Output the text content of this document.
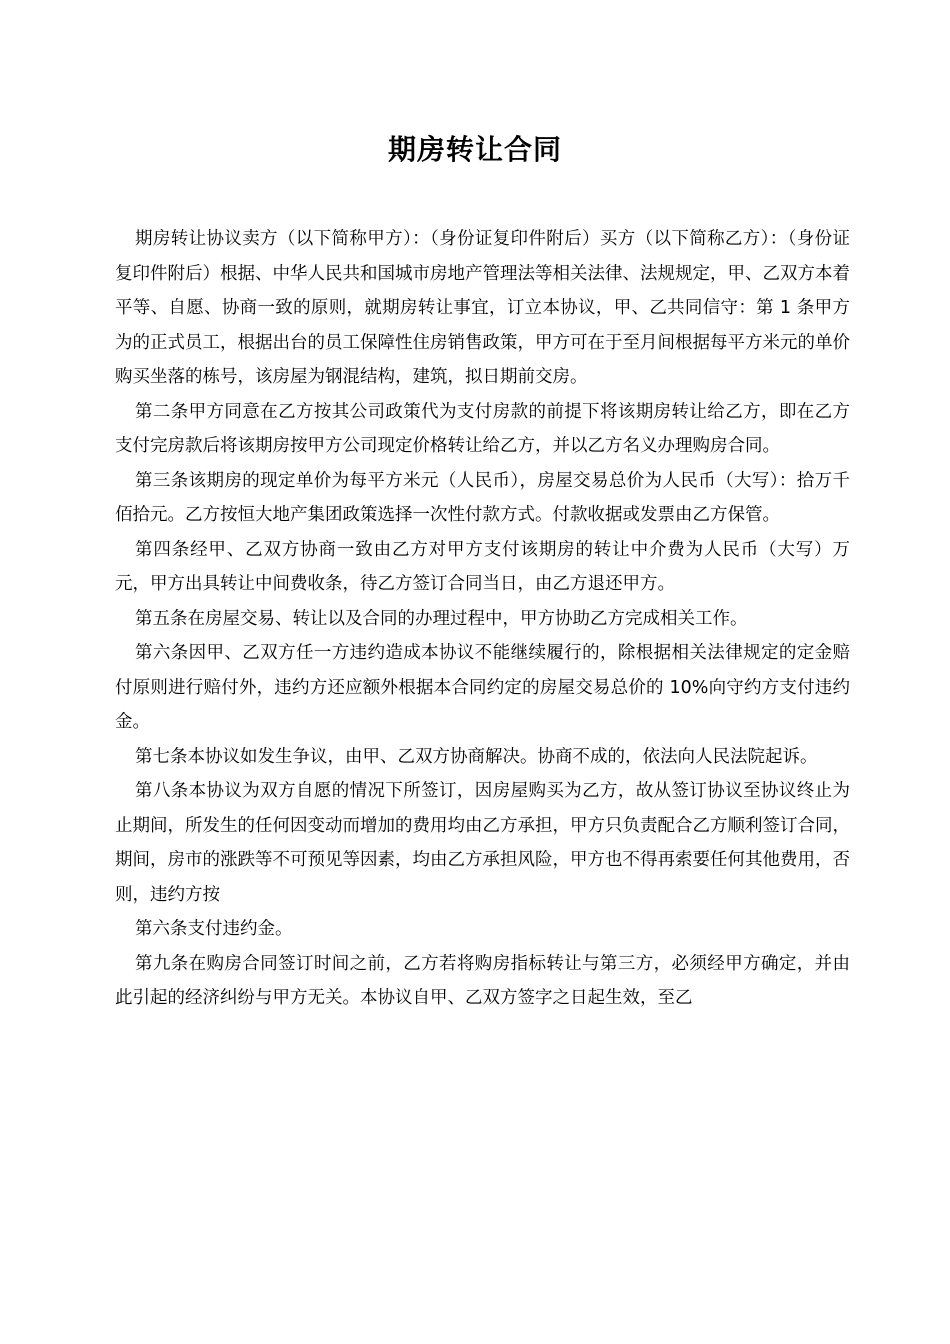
期房转让合同

期房转让协议卖方（以下简称甲方）：（身份证复印件附后）买方（以下简称乙方）：（身份证复印件附后）根据、中华人民共和国城市房地产管理法等相关法律、法规规定，甲、乙双方本着平等、自愿、协商一致的原则，就期房转让事宜，订立本协议，甲、乙共同信守：第 1 条甲方为的正式员工，根据出台的员工保障性住房销售政策，甲方可在于至月间根据每平方米元的单价购买坐落的栋号，该房屋为钢混结构，建筑，拟日期前交房。

第二条甲方同意在乙方按其公司政策代为支付房款的前提下将该期房转让给乙方，即在乙方支付完房款后将该期房按甲方公司现定价格转让给乙方，并以乙方名义办理购房合同。

第三条该期房的现定单价为每平方米元（人民币），房屋交易总价为人民币（大写）：拾万千佰拾元。乙方按恒大地产集团政策选择一次性付款方式。付款收据或发票由乙方保管。

第四条经甲、乙双方协商一致由乙方对甲方支付该期房的转让中介费为人民币（大写）万元，甲方出具转让中间费收条，待乙方签订合同当日，由乙方退还甲方。

第五条在房屋交易、转让以及合同的办理过程中，甲方协助乙方完成相关工作。

第六条因甲、乙双方任一方违约造成本协议不能继续履行的，除根据相关法律规定的定金赔付原则进行赔付外，违约方还应额外根据本合同约定的房屋交易总价的 10%向守约方支付违约金。

第七条本协议如发生争议，由甲、乙双方协商解决。协商不成的，依法向人民法院起诉。

第八条本协议为双方自愿的情况下所签订，因房屋购买为乙方，故从签订协议至协议终止为止期间，所发生的任何因变动而增加的费用均由乙方承担，甲方只负责配合乙方顺利签订合同，期间，房市的涨跌等不可预见等因素，均由乙方承担风险，甲方也不得再索要任何其他费用，否则，违约方按

第六条支付违约金。

第九条在购房合同签订时间之前，乙方若将购房指标转让与第三方，必须经甲方确定，并由此引起的经济纠纷与甲方无关。本协议自甲、乙双方签字之日起生效，至乙
